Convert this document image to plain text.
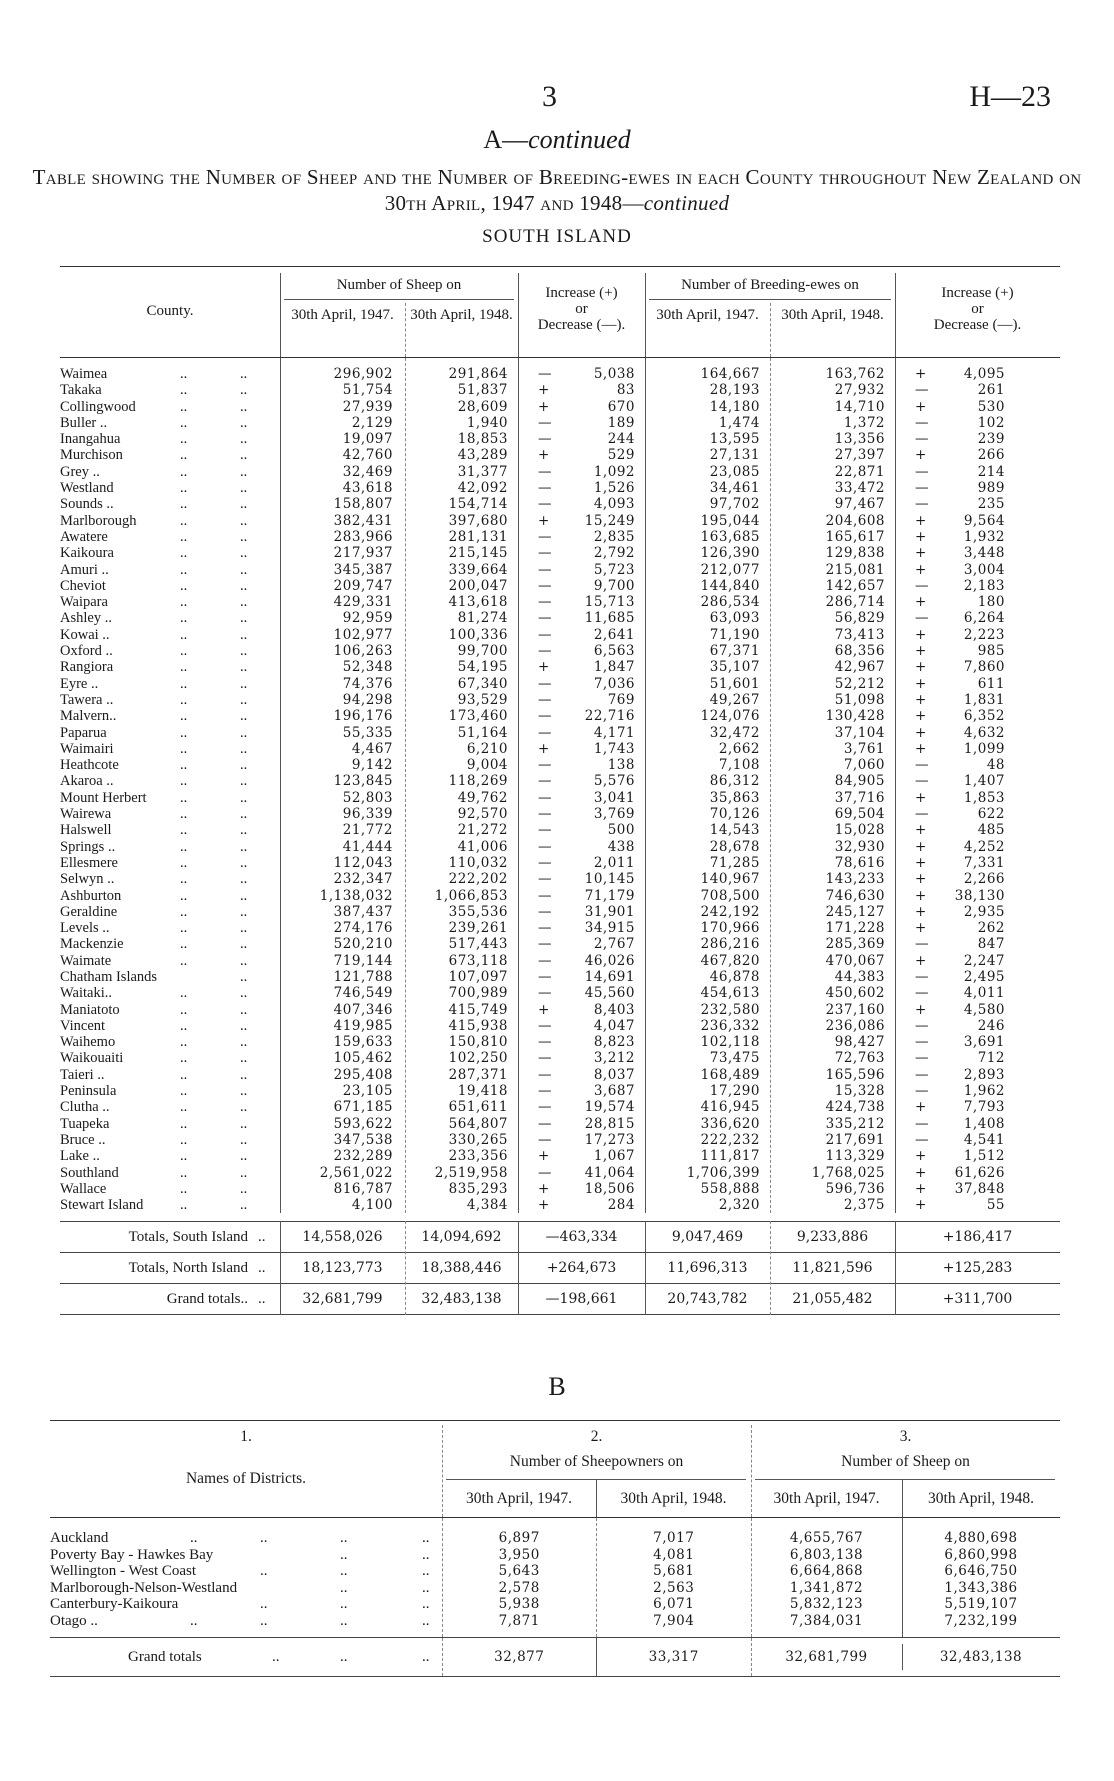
3	H—23
A—continued
Table showing the Number of Sheep and the Number of Breeding-ewes in each County throughout New Zealand on 30th April, 1947 and 1948—continued
SOUTH ISLAND
County.
Number of Sheep on
30th April, 1947.	30th April, 1948.
Increase (+)
or
Decrease (—).
Number of Breeding-ewes on
30th April, 1947.	30th April, 1948.
Increase (+)
or
Decrease (—).
Waimea	..	..	296,902	291,864	—	5,038	164,667	163,762	+	4,095
Takaka	..	..	51,754	51,837	+	83	28,193	27,932	—	261
Collingwood	..	..	27,939	28,609	+	670	14,180	14,710	+	530
Buller ..	..	..	2,129	1,940	—	189	1,474	1,372	—	102
Inangahua	..	..	19,097	18,853	—	244	13,595	13,356	—	239
Murchison	..	..	42,760	43,289	+	529	27,131	27,397	+	266
Grey ..	..	..	32,469	31,377	—	1,092	23,085	22,871	—	214
Westland	..	..	43,618	42,092	—	1,526	34,461	33,472	—	989
Sounds ..	..	..	158,807	154,714	—	4,093	97,702	97,467	—	235
Marlborough	..	..	382,431	397,680	+	15,249	195,044	204,608	+	9,564
Awatere	..	..	283,966	281,131	—	2,835	163,685	165,617	+	1,932
Kaikoura	..	..	217,937	215,145	—	2,792	126,390	129,838	+	3,448
Amuri ..	..	..	345,387	339,664	—	5,723	212,077	215,081	+	3,004
Cheviot	..	..	209,747	200,047	—	9,700	144,840	142,657	—	2,183
Waipara	..	..	429,331	413,618	— 15,713	286,534	286,714	+	180
Ashley ..	..	..	92,959	81,274	— 11,685	63,093	56,829	—	6,264
Kowai ..	..	..	102,977	100,336	—	2,641	71,190	73,413	+	2,223
Oxford ..	..	..	106,263	99,700	—	6,563	67,371	68,356	+	985
Rangiora	..	..	52,348	54,195	+	1,847	35,107	42,967	+	7,860
Eyre ..	..	..	74,376	67,340	—	7,036	51,601	52,212	+	611
Tawera ..	..	..	94,298	93,529	—	769	49,267	51,098	+	1,831
Malvern..	..	..	196,176	173,460	— 22,716	124,076	130,428	+	6,352
Paparua	..	..	55,335	51,164	—	4,171	32,472	37,104	+	4,632
Waimairi	..	..	4,467	6,210	+	1,743	2,662	3,761	+	1,099
Heathcote	..	..	9,142	9,004	—	138	7,108	7,060	—	48
Akaroa ..	..	..	123,845	118,269	—	5,576	86,312	84,905	—	1,407
Mount Herbert ..	..	52,803	49,762	—	3,041	35,863	37,716	+	1,853
Wairewa	..	..	96,339	92,570	—	3,769	70,126	69,504	—	622
Halswell	..	..	21,772	21,272	—	500	14,543	15,028	+	485
Springs ..	..	..	41,444	41,006	—	438	28,678	32,930	+	4,252
Ellesmere	..	..	112,043	110,032	—	2,011	71,285	78,616	+	7,331
Selwyn ..	..	..	232,347	222,202	— 10,145	140,967	143,233	+	2,266
Ashburton	..	..	1,138,032	1,066,853	— 71,179	708,500	746,630	+ 38,130
Geraldine	..	..	387,437	355,536	— 31,901	242,192	245,127	+	2,935
Levels ..	..	..	274,176	239,261	— 34,915	170,966	171,228	+	262
Mackenzie	..	..	520,210	517,443	—	2,767	286,216	285,369	—	847
Waimate	..	..	719,144	673,118	— 46,026	467,820	470,067	+	2,247
Chatham Islands	..	121,788	107,097	— 14,691	46,878	44,383	—	2,495
Waitaki..	..	..	746,549	700,989	— 45,560	454,613	450,602	—	4,011
Maniatoto	..	..	407,346	415,749	+	8,403	232,580	237,160	+	4,580
Vincent	..	..	419,985	415,938	—	4,047	236,332	236,086	—	246
Waihemo	..	..	159,633	150,810	—	8,823	102,118	98,427	—	3,691
Waikouaiti	..	..	105,462	102,250	—	3,212	73,475	72,763	—	712
Taieri ..	..	..	295,408	287,371	—	8,037	168,489	165,596	—	2,893
Peninsula	..	..	23,105	19,418	—	3,687	17,290	15,328	—	1,962
Clutha ..	..	..	671,185	651,611	— 19,574	416,945	424,738	+	7,793
Tuapeka	..	..	593,622	564,807	— 28,815	336,620	335,212	—	1,408
Bruce ..	..	..	347,538	330,265	— 17,273	222,232	217,691	—	4,541
Lake ..	..	..	232,289	233,356	+	1,067	111,817	113,329	+	1,512
Southland	..	..	2,561,022	2,519,958	— 41,064	1,706,399	1,768,025	+ 61,626
Wallace	..	..	816,787	835,293	+	18,506	558,888	596,736	+ 37,848
Stewart Island	..	..	4,100	4,384	+	284	2,320	2,375	+	55
Totals, South Island ..	14,558,026	14,094,692	—463,334	9,047,469	9,233,886	+186,417
Totals, North Island ..	18,123,773	18,388,446	+264,673	11,696,313	11,821,596	+125,283
Grand totals.. ..	32,681,799	32,483,138	—198,661	20,743,782	21,055,482	+311,700
B
1.
Names of Districts.
2.
Number of Sheepowners on
30th April, 1947.	30th April, 1948.
3.
Number of Sheep on
30th April, 1947.	30th April, 1948.
Auckland	..	..	..	..	6,897	7,017	4,655,767	4,880,698
Poverty Bay - Hawkes Bay	..	..	3,950	4,081	6,803,138	6,860,998
Wellington - West Coast	..	..	..	5,643	5,681	6,664,868	6,646,750
Marlborough-Nelson-Westland	..	..	2,578	2,563	1,341,872	1,343,386
Canterbury-Kaikoura	..	..	..	5,938	6,071	5,832,123	5,519,107
Otago ..	..	..	..	..	7,871	7,904	7,384,031	7,232,199
Grand totals	..	..	..	32,877	33,317	32,681,799	32,483,138
